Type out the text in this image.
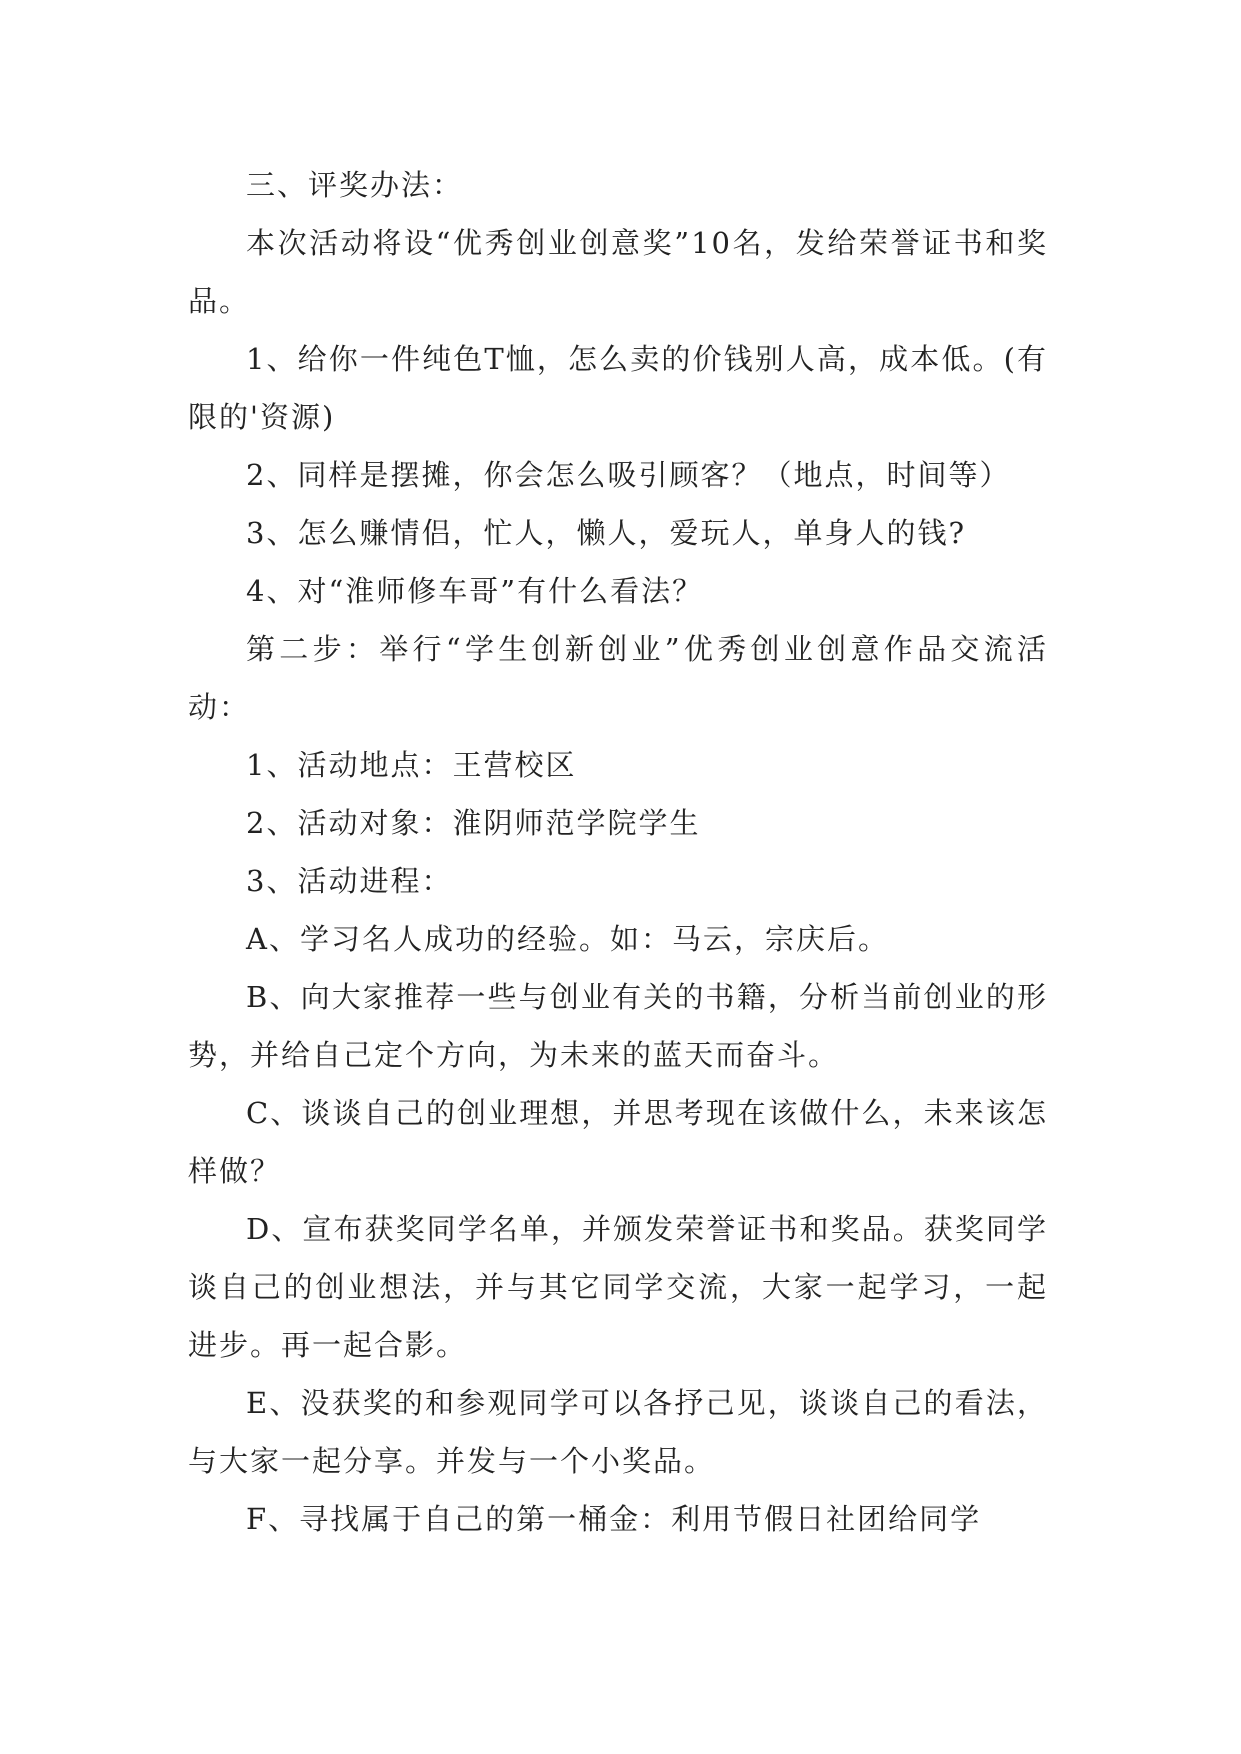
三、评奖办法：

本次活动将设“优秀创业创意奖”10名，发给荣誉证书和奖品。

1、给你一件纯色T恤，怎么卖的价钱别人高，成本低。(有限的'资源)

2、同样是摆摊，你会怎么吸引顾客？（地点，时间等）

3、怎么赚情侣，忙人，懒人，爱玩人，单身人的钱?

4、对“淮师修车哥”有什么看法？

第二步：举行“学生创新创业”优秀创业创意作品交流活动：

1、活动地点：王营校区

2、活动对象：淮阴师范学院学生

3、活动进程：

A、学习名人成功的经验。如：马云，宗庆后。

B、向大家推荐一些与创业有关的书籍，分析当前创业的形势，并给自己定个方向，为未来的蓝天而奋斗。

C、谈谈自己的创业理想，并思考现在该做什么，未来该怎样做？

D、宣布获奖同学名单，并颁发荣誉证书和奖品。获奖同学谈自己的创业想法，并与其它同学交流，大家一起学习，一起进步。再一起合影。

E、没获奖的和参观同学可以各抒己见，谈谈自己的看法，与大家一起分享。并发与一个小奖品。

F、寻找属于自己的第一桶金：利用节假日社团给同学
